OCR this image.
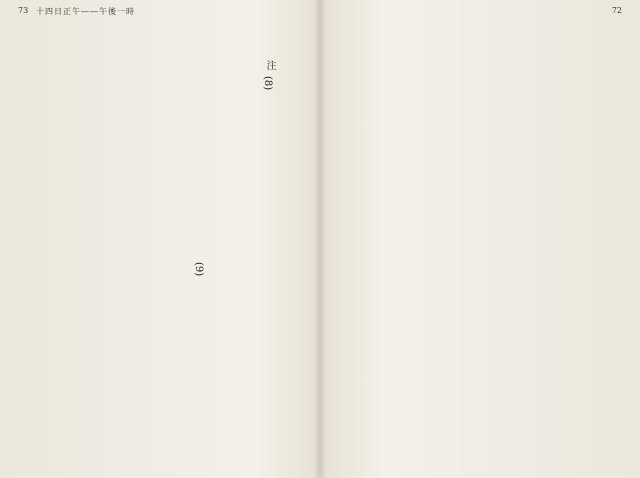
73 十四日正午――午後一時
注
(8)
(9)
72
